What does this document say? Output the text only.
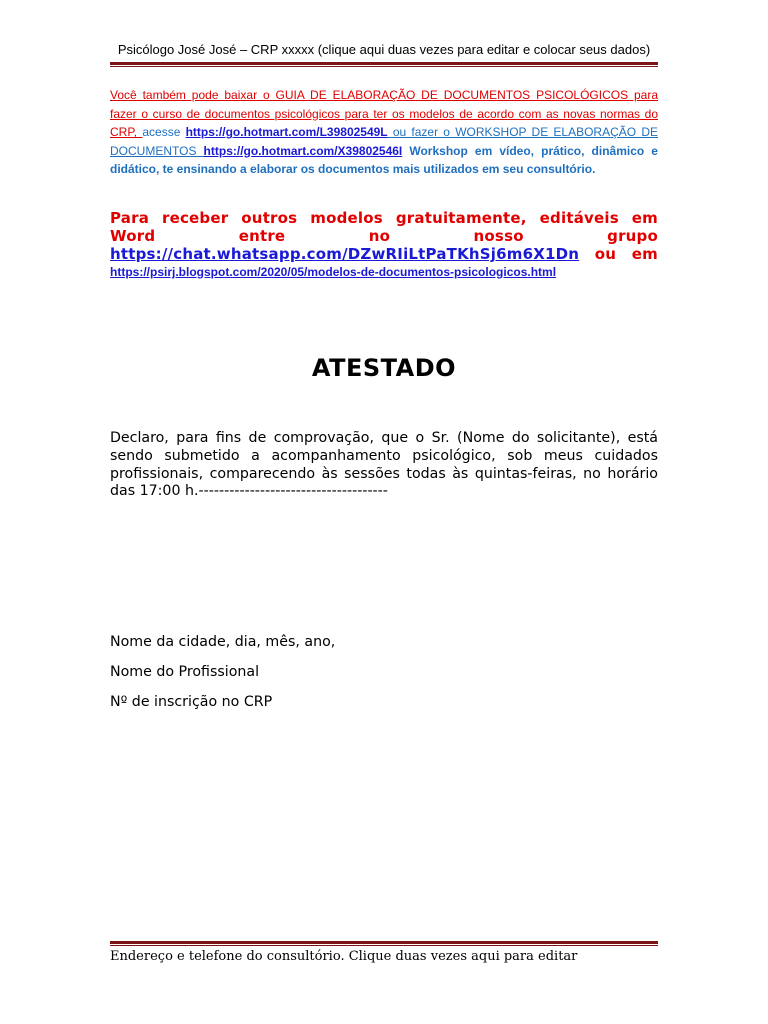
Psicólogo José José – CRP xxxxx (clique aqui duas vezes para editar e colocar seus dados)
Você também pode baixar o GUIA DE ELABORAÇÃO DE DOCUMENTOS PSICOLÓGICOS para fazer o curso de documentos psicológicos para ter os modelos de acordo com as novas normas do CRP, acesse https://go.hotmart.com/L39802549L ou fazer o WORKSHOP DE ELABORAÇÃO DE DOCUMENTOS https://go.hotmart.com/X39802546I Workshop em vídeo, prático, dinâmico e didático, te ensinando a elaborar os documentos mais utilizados em seu consultório.
Para receber outros modelos gratuitamente, editáveis em Word entre no nosso grupo https://chat.whatsapp.com/DZwRIiLtPaTKhSj6m6X1Dn ou em
https://psirj.blogspot.com/2020/05/modelos-de-documentos-psicologicos.html
ATESTADO
Declaro, para fins de comprovação, que o Sr. (Nome do solicitante), está sendo submetido a acompanhamento psicológico, sob meus cuidados profissionais, comparecendo às sessões todas às quintas-feiras, no horário das 17:00 h.-------------------------------------
Nome da cidade, dia, mês, ano,
Nome do Profissional
Nº de inscrição no CRP
Endereço e telefone do consultório. Clique duas vezes aqui para editar
